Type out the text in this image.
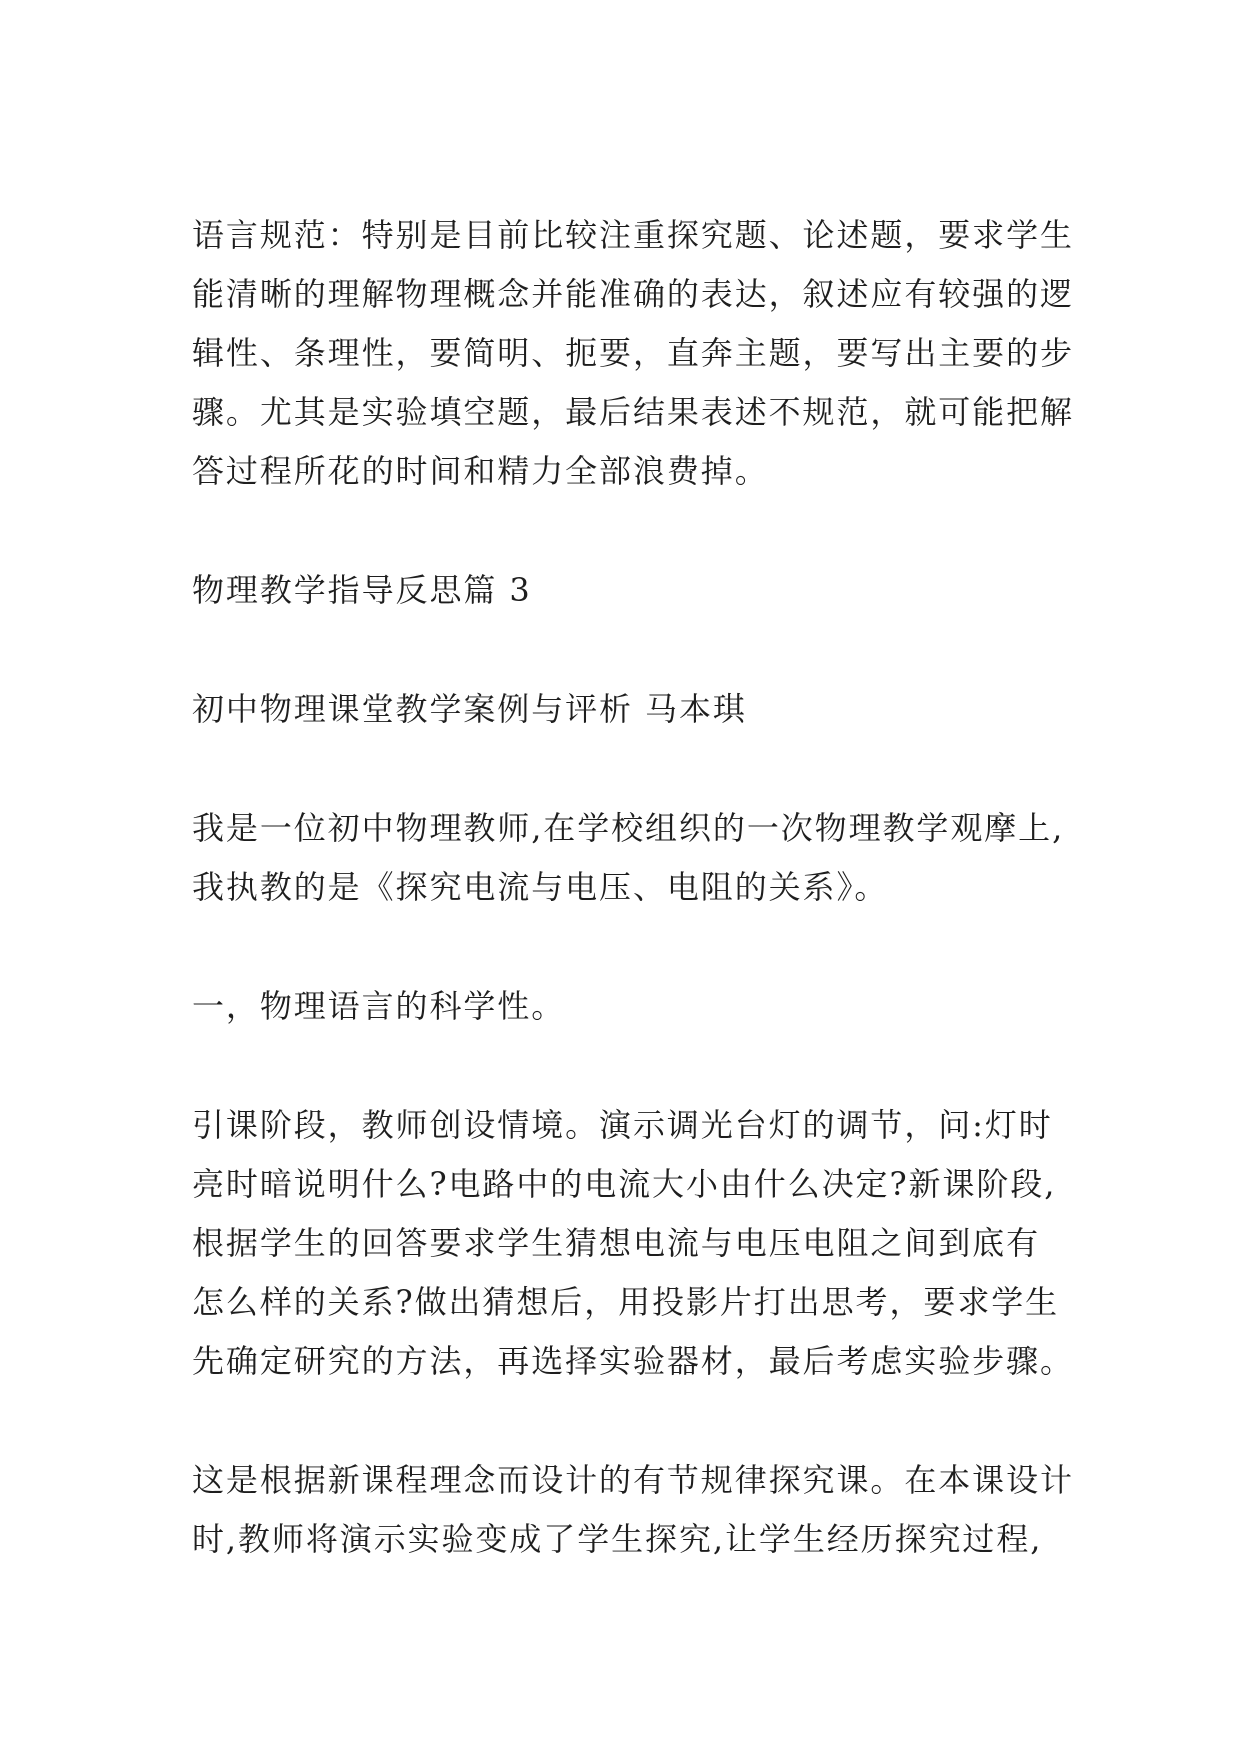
语言规范：特别是目前比较注重探究题、论述题，要求学生
能清晰的理解物理概念并能准确的表达，叙述应有较强的逻
辑性、条理性，要简明、扼要，直奔主题，要写出主要的步
骤。尤其是实验填空题，最后结果表述不规范，就可能把解
答过程所花的时间和精力全部浪费掉。
物理教学指导反思篇 3
初中物理课堂教学案例与评析 马本琪
我是一位初中物理教师,在学校组织的一次物理教学观摩上,
我执教的是《探究电流与电压、电阻的关系》。
一，物理语言的科学性。
引课阶段，教师创设情境。演示调光台灯的调节，问:灯时
亮时暗说明什么?电路中的电流大小由什么决定?新课阶段,
根据学生的回答要求学生猜想电流与电压电阻之间到底有
怎么样的关系?做出猜想后，用投影片打出思考，要求学生
先确定研究的方法，再选择实验器材，最后考虑实验步骤。
这是根据新课程理念而设计的有节规律探究课。在本课设计
时,教师将演示实验变成了学生探究,让学生经历探究过程,
